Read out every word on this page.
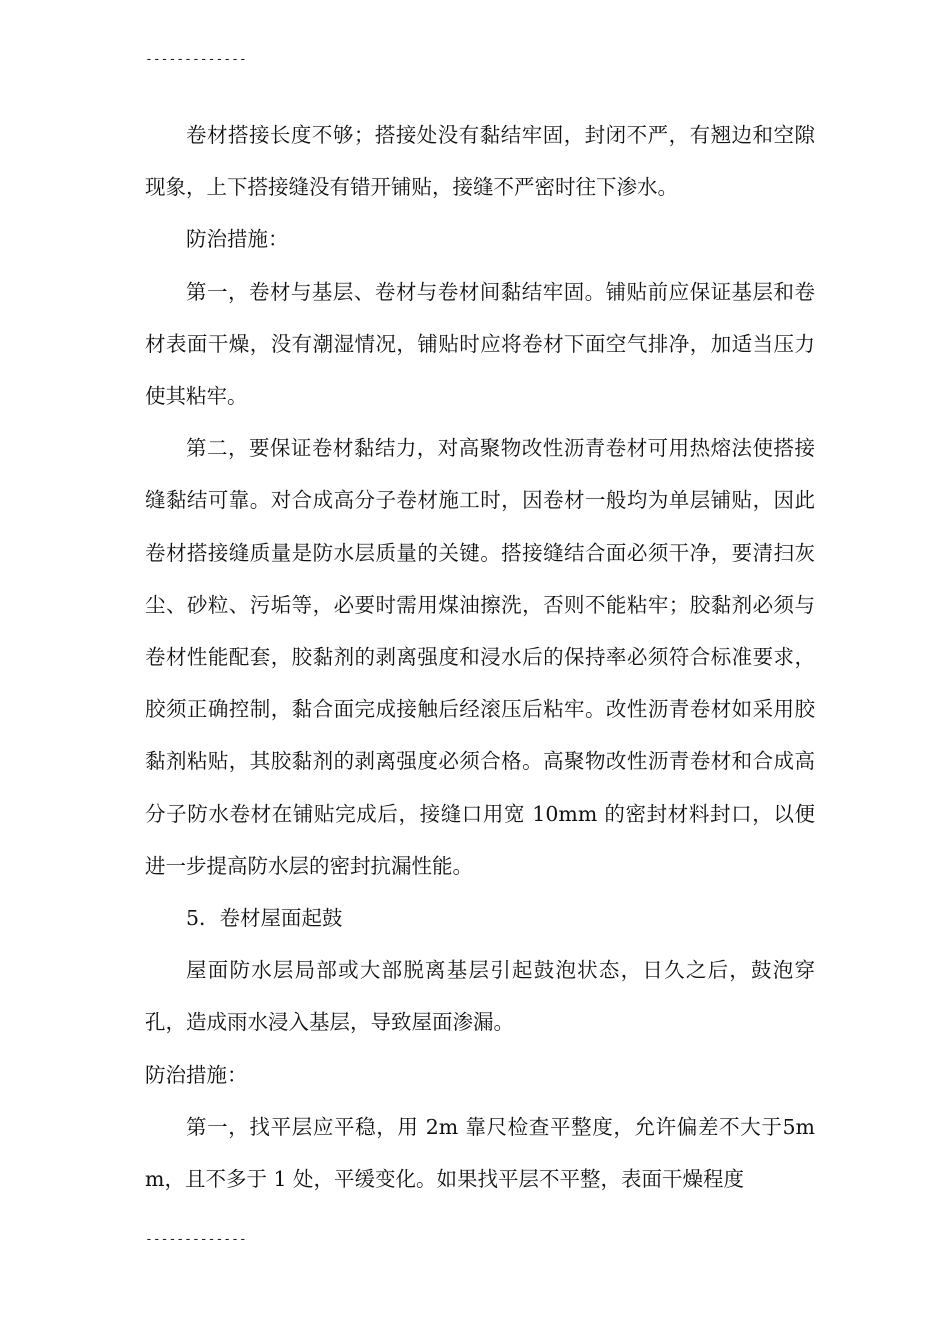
-------------

卷材搭接长度不够；搭接处没有黏结牢固，封闭不严，有翘边和空隙现象，上下搭接缝没有错开铺贴，接缝不严密时往下渗水。

防治措施：

第一，卷材与基层、卷材与卷材间黏结牢固。铺贴前应保证基层和卷材表面干燥，没有潮湿情况，铺贴时应将卷材下面空气排净，加适当压力使其粘牢。

第二，要保证卷材黏结力，对高聚物改性沥青卷材可用热熔法使搭接缝黏结可靠。对合成高分子卷材施工时，因卷材一般均为单层铺贴，因此卷材搭接缝质量是防水层质量的关键。搭接缝结合面必须干净，要清扫灰尘、砂粒、污垢等，必要时需用煤油擦洗，否则不能粘牢；胶黏剂必须与卷材性能配套，胶黏剂的剥离强度和浸水后的保持率必须符合标准要求，胶须正确控制，黏合面完成接触后经滚压后粘牢。改性沥青卷材如采用胶黏剂粘贴，其胶黏剂的剥离强度必须合格。高聚物改性沥青卷材和合成高分子防水卷材在铺贴完成后，接缝口用宽 10mm 的密封材料封口，以便进一步提高防水层的密封抗漏性能。

5．卷材屋面起鼓

屋面防水层局部或大部脱离基层引起鼓泡状态，日久之后，鼓泡穿孔，造成雨水浸入基层，导致屋面渗漏。

防治措施：

第一，找平层应平稳，用 2m 靠尺检查平整度，允许偏差不大于5mm，且不多于 1 处，平缓变化。如果找平层不平整，表面干燥程度

-------------
